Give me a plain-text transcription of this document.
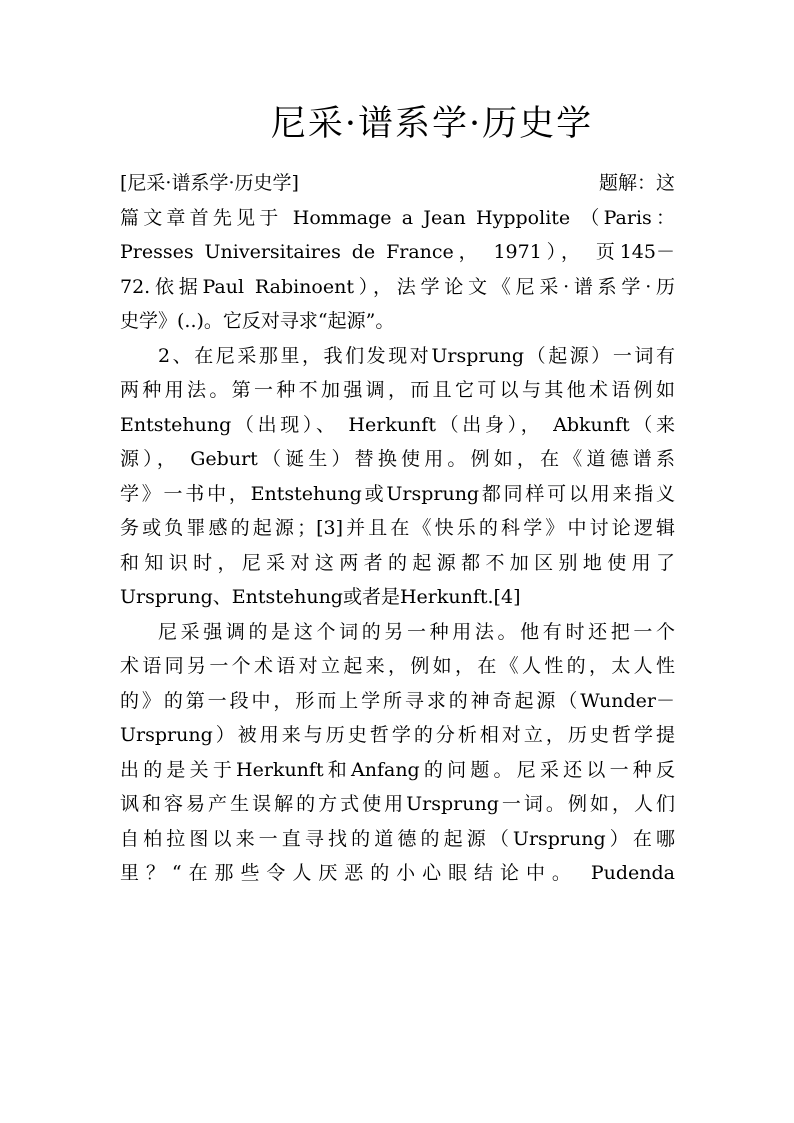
尼采·谱系学·历史学
[尼采·谱系学·历史学]	题解：这
篇文章首先见于 Hommage a Jean Hyppolite （Paris：
Presses Universitaires de France， 1971）， 页145－
72.依据Paul Rabinoent），法学论文《尼采·谱系学·历
史学》(..)。它反对寻求“起源”。
2、在尼采那里，我们发现对Ursprung（起源）一词有
两种用法。第一种不加强调，而且它可以与其他术语例如
Entstehung（出现）、 Herkunft（出身）， Abkunft（来
源）， Geburt（诞生）替换使用。例如，在《道德谱系
学》一书中，Entstehung或Ursprung都同样可以用来指义
务或负罪感的起源；[3]并且在《快乐的科学》中讨论逻辑
和知识时，尼采对这两者的起源都不加区别地使用了
Ursprung、Entstehung或者是Herkunft.[4]
尼采强调的是这个词的另一种用法。他有时还把一个
术语同另一个术语对立起来，例如，在《人性的，太人性
的》的第一段中，形而上学所寻求的神奇起源（Wunder－
Ursprung）被用来与历史哲学的分析相对立，历史哲学提
出的是关于Herkunft和Anfang的问题。尼采还以一种反
讽和容易产生误解的方式使用Ursprung一词。例如，人们
自柏拉图以来一直寻找的道德的起源（Ursprung）在哪
里？“在那些令人厌恶的小心眼结论中。 Pudenda
